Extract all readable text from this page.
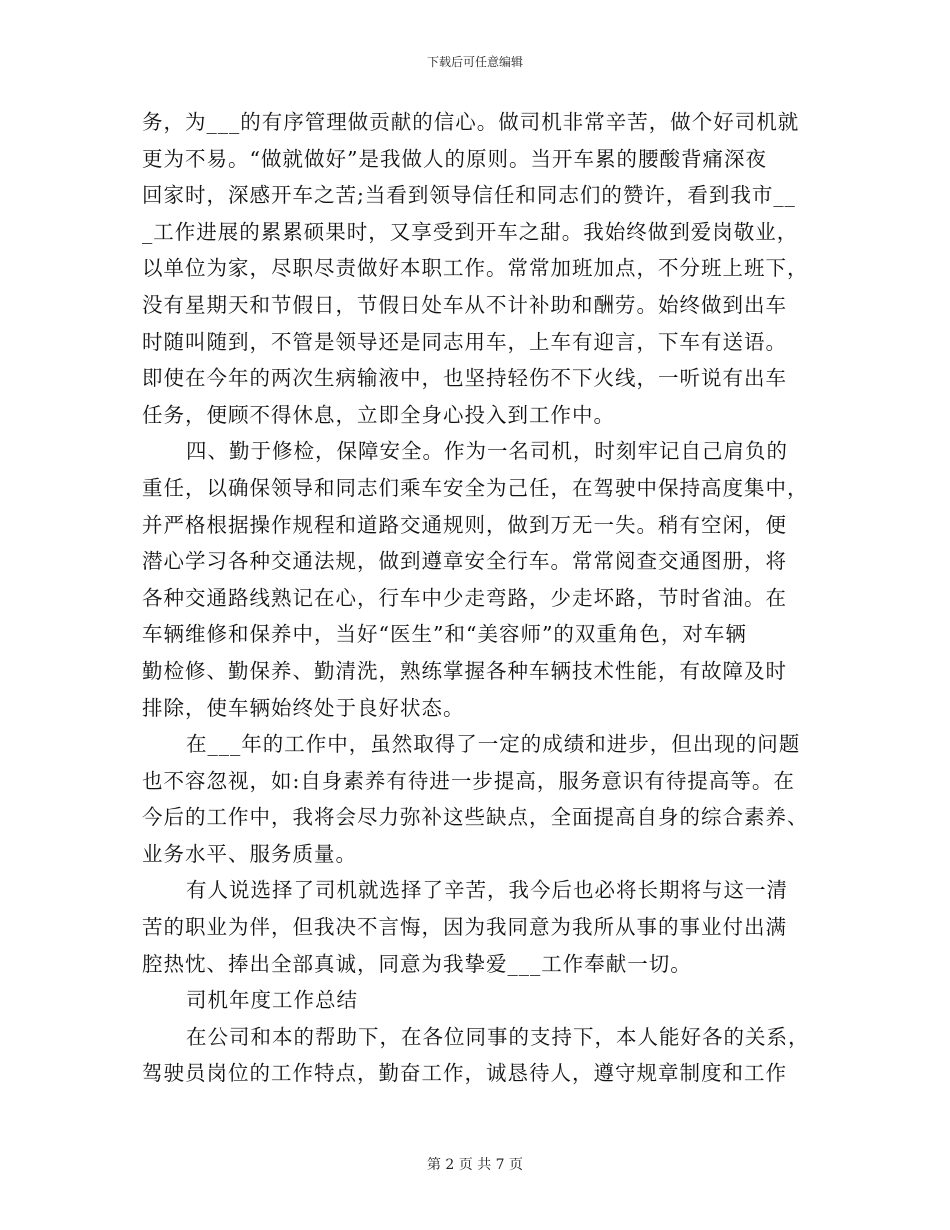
下载后可任意编辑
务，为___的有序管理做贡献的信心。做司机非常辛苦，做个好司机就
更为不易。“做就做好”是我做人的原则。当开车累的腰酸背痛深夜
回家时，深感开车之苦;当看到领导信任和同志们的赞许，看到我市__
_工作进展的累累硕果时，又享受到开车之甜。我始终做到爱岗敬业，
以单位为家，尽职尽责做好本职工作。常常加班加点，不分班上班下，
没有星期天和节假日，节假日处车从不计补助和酬劳。始终做到出车
时随叫随到，不管是领导还是同志用车，上车有迎言，下车有送语。
即使在今年的两次生病输液中，也坚持轻伤不下火线，一听说有出车
任务，便顾不得休息，立即全身心投入到工作中。
四、勤于修检，保障安全。作为一名司机，时刻牢记自己肩负的
重任，以确保领导和同志们乘车安全为己任，在驾驶中保持高度集中，
并严格根据操作规程和道路交通规则，做到万无一失。稍有空闲，便
潜心学习各种交通法规，做到遵章安全行车。常常阅查交通图册，将
各种交通路线熟记在心，行车中少走弯路，少走坏路，节时省油。在
车辆维修和保养中，当好“医生”和“美容师”的双重角色，对车辆
勤检修、勤保养、勤清洗，熟练掌握各种车辆技术性能，有故障及时
排除，使车辆始终处于良好状态。
在___年的工作中，虽然取得了一定的成绩和进步，但出现的问题
也不容忽视，如:自身素养有待进一步提高，服务意识有待提高等。在
今后的工作中，我将会尽力弥补这些缺点，全面提高自身的综合素养、
业务水平、服务质量。
有人说选择了司机就选择了辛苦，我今后也必将长期将与这一清
苦的职业为伴，但我决不言悔，因为我同意为我所从事的事业付出满
腔热忱、捧出全部真诚，同意为我挚爱___工作奉献一切。
司机年度工作总结
在公司和本的帮助下，在各位同事的支持下，本人能好各的关系，
驾驶员岗位的工作特点，勤奋工作，诚恳待人，遵守规章制度和工作
第 2 页 共 7 页
